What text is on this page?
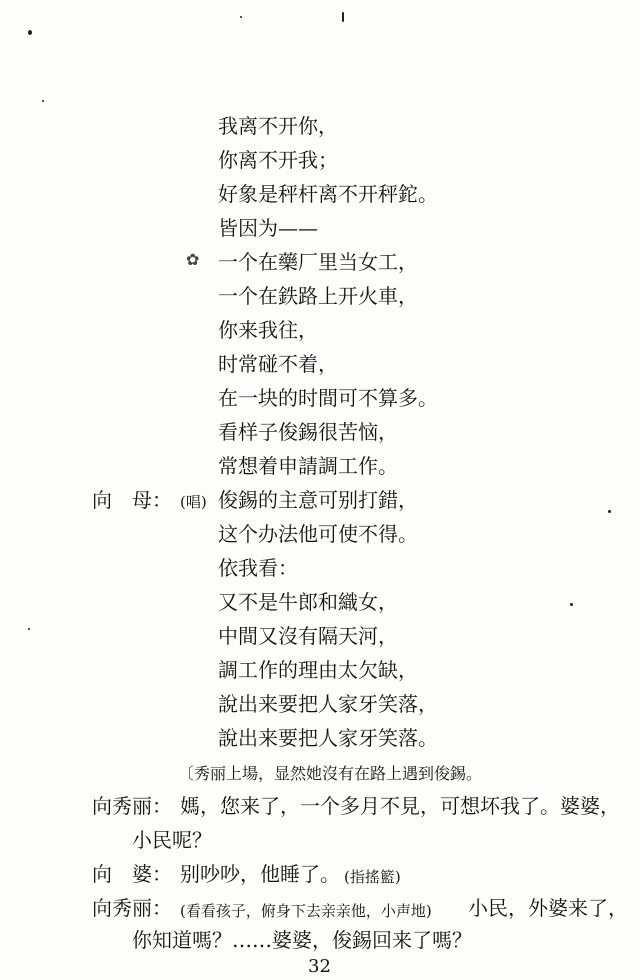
✿
我离不开你，
你离不开我；
好象是秤杆离不开秤鉈。
皆因为——
一个在藥厂里当女工，
一个在鉄路上开火車，
你来我往，
时常碰不着，
在一块的时間可不算多。
看样子俊錫很苦恼，
常想着申請調工作。
向　母： (唱) 俊錫的主意可别打錯，
这个办法他可使不得。
依我看：
又不是牛郎和織女，
中間又沒有隔天河，
調工作的理由太欠缺，
說出来要把人家牙笑落，
說出来要把人家牙笑落。
〔秀丽上場，显然她沒有在路上遇到俊錫。
向秀丽： 媽，您来了，一个多月不見，可想坏我了。婆婆，
小民呢？
向　婆： 别吵吵，他睡了。 (指搖籃)
向秀丽： (看看孩子，俯身下去亲亲他，小声地) 小民，外婆来了，
你知道嗎？……婆婆，俊錫回来了嗎？
32
